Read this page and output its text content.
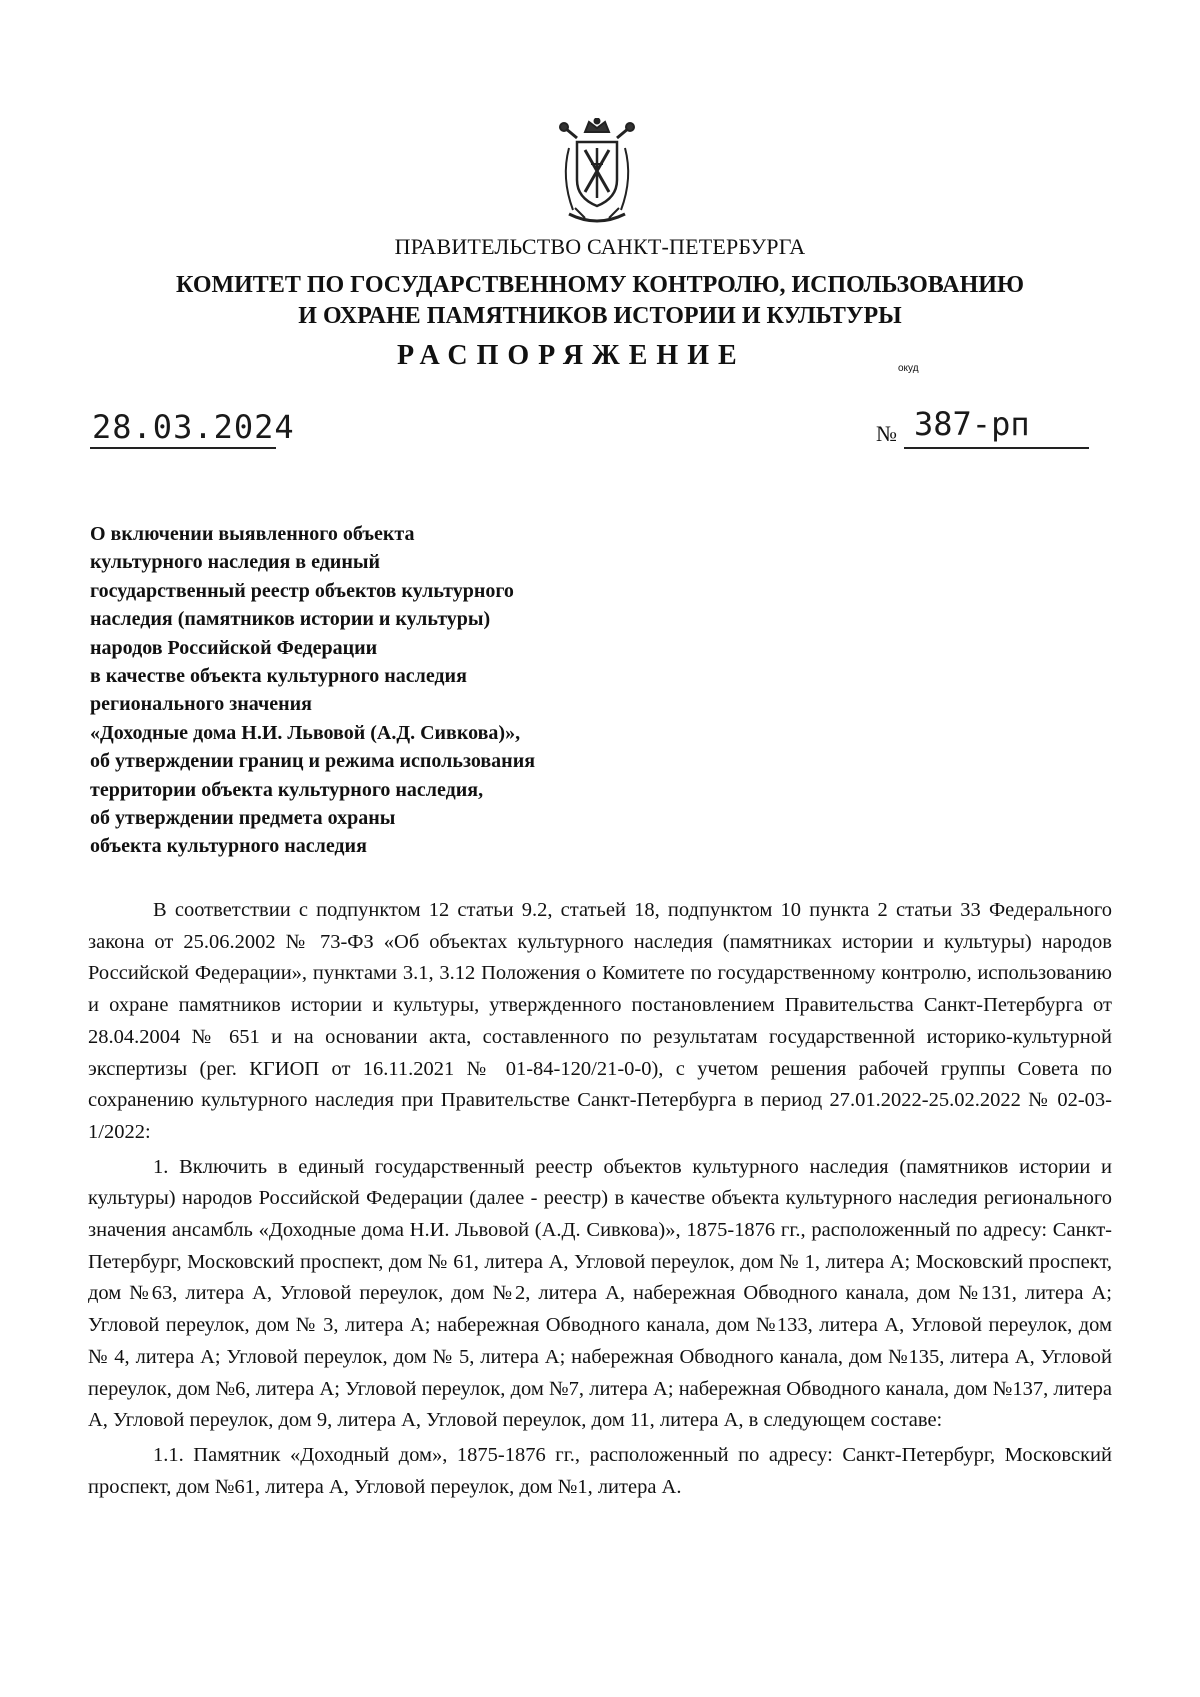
ПРАВИТЕЛЬСТВО САНКТ-ПЕТЕРБУРГА
КОМИТЕТ ПО ГОСУДАРСТВЕННОМУ КОНТРОЛЮ, ИСПОЛЬЗОВАНИЮ
И ОХРАНЕ ПАМЯТНИКОВ ИСТОРИИ И КУЛЬТУРЫ
РАСПОРЯЖЕНИЕ	окуд
28.03.2024	№ 387-рп
О включении выявленного объекта
культурного наследия в единый
государственный реестр объектов культурного
наследия (памятников истории и культуры)
народов Российской Федерации
в качестве объекта культурного наследия
регионального значения
«Доходные дома Н.И. Львовой (А.Д. Сивкова)»,
об утверждении границ и режима использования
территории объекта культурного наследия,
об утверждении предмета охраны
объекта культурного наследия

В соответствии с подпунктом 12 статьи 9.2, статьей 18, подпунктом 10 пункта 2 статьи 33 Федерального закона от 25.06.2002 № 73-ФЗ «Об объектах культурного наследия (памятниках истории и культуры) народов Российской Федерации», пунктами 3.1, 3.12 Положения о Комитете по государственному контролю, использованию и охране памятников истории и культуры, утвержденного постановлением Правительства Санкт-Петербурга от 28.04.2004 № 651 и на основании акта, составленного по результатам государственной историко-культурной экспертизы (рег. КГИОП от 16.11.2021 № 01-84-120/21-0-0), с учетом решения рабочей группы Совета по сохранению культурного наследия при Правительстве Санкт-Петербурга в период 27.01.2022-25.02.2022 № 02-03-1/2022:

1. Включить в единый государственный реестр объектов культурного наследия (памятников истории и культуры) народов Российской Федерации (далее - реестр) в качестве объекта культурного наследия регионального значения ансамбль «Доходные дома Н.И. Львовой (А.Д. Сивкова)», 1875-1876 гг., расположенный по адресу: Санкт-Петербург, Московский проспект, дом № 61, литера А, Угловой переулок, дом № 1, литера А; Московский проспект, дом №63, литера А, Угловой переулок, дом №2, литера А, набережная Обводного канала, дом №131, литера А; Угловой переулок, дом № 3, литера А; набережная Обводного канала, дом №133, литера А, Угловой переулок, дом № 4, литера А; Угловой переулок, дом № 5, литера А; набережная Обводного канала, дом №135, литера А, Угловой переулок, дом №6, литера А; Угловой переулок, дом №7, литера А; набережная Обводного канала, дом №137, литера А, Угловой переулок, дом 9, литера А, Угловой переулок, дом 11, литера А, в следующем составе:

1.1. Памятник «Доходный дом», 1875-1876 гг., расположенный по адресу: Санкт-Петербург, Московский проспект, дом №61, литера А, Угловой переулок, дом №1, литера А.
